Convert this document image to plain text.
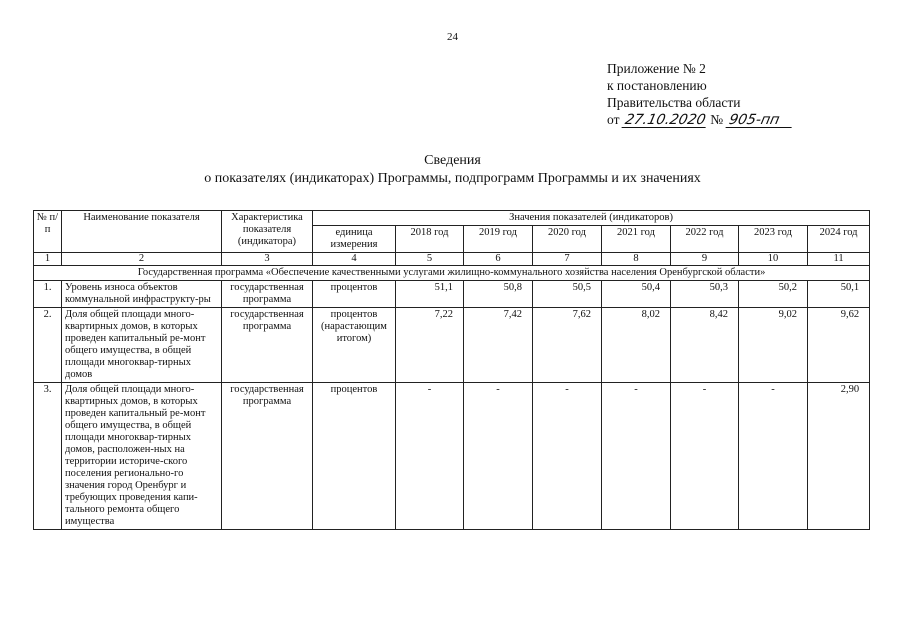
24
Приложение № 2
к постановлению
Правительства области
от 27.10.2020 № 905-пп
Сведения
о показателях (индикаторах) Программы, подпрограмм Программы и их значениях
№ п/п	Наименование показателя	Характеристика показателя (индикатора)	Значения показателей (индикаторов)							
			единица измерения	2018 год	2019 год	2020 год	2021 год	2022 год	2023 год	2024 год
1	2	3	4	5	6	7	8	9	10	11
Государственная программа «Обеспечение качественными услугами жилищно-коммунального хозяйства населения Оренбургской области»										
1.	Уровень износа объектов коммунальной инфраструкту-ры	государственная программа	процентов	51,1	50,8	50,5	50,4	50,3	50,2	50,1
2.	Доля общей площади много-квартирных домов, в которых проведен капитальный ре-монт общего имущества, в общей площади многоквар-тирных домов	государственная программа	процентов (нарастающим итогом)	7,22	7,42	7,62	8,02	8,42	9,02	9,62
3.	Доля общей площади много-квартирных домов, в которых проведен капитальный ре-монт общего имущества, в общей площади многоквар-тирных домов, расположен-ных на территории историче-ского поселения регионально-го значения город Оренбург и требующих проведения капи-тального ремонта общего имущества	государственная программа	процентов	-	-	-	-	-	-	2,90
